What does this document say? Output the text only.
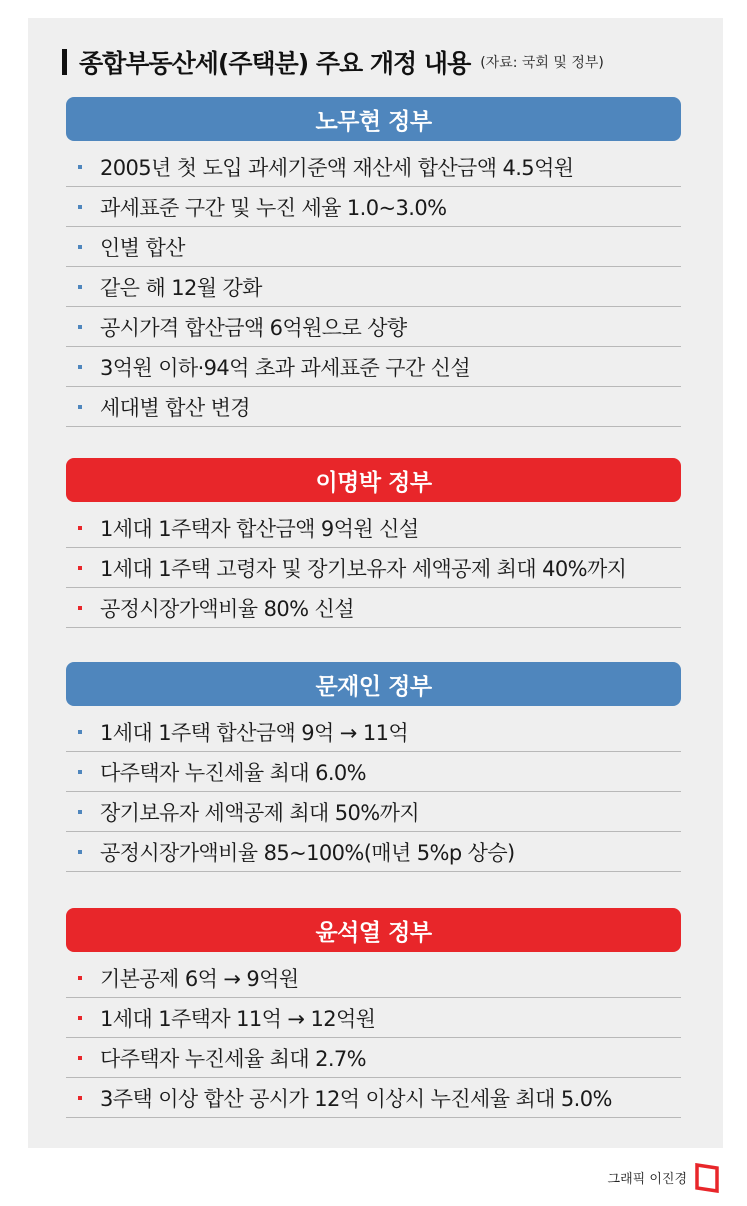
종합부동산세(주택분) 주요 개정 내용 (자료: 국회 및 정부)
노무현 정부
2005년 첫 도입 과세기준액 재산세 합산금액 4.5억원
과세표준 구간 및 누진 세율 1.0~3.0%
인별 합산
같은 해 12월 강화
공시가격 합산금액 6억원으로 상향
3억원 이하·94억 초과 과세표준 구간 신설
세대별 합산 변경
이명박 정부
1세대 1주택자 합산금액 9억원 신설
1세대 1주택 고령자 및 장기보유자 세액공제 최대 40%까지
공정시장가액비율 80% 신설
문재인 정부
1세대 1주택 합산금액 9억 → 11억
다주택자 누진세율 최대 6.0%
장기보유자 세액공제 최대 50%까지
공정시장가액비율 85~100%(매년 5%p 상승)
윤석열 정부
기본공제 6억 → 9억원
1세대 1주택자 11억 → 12억원
다주택자 누진세율 최대 2.7%
3주택 이상 합산 공시가 12억 이상시 누진세율 최대 5.0%
그래픽 이진경
